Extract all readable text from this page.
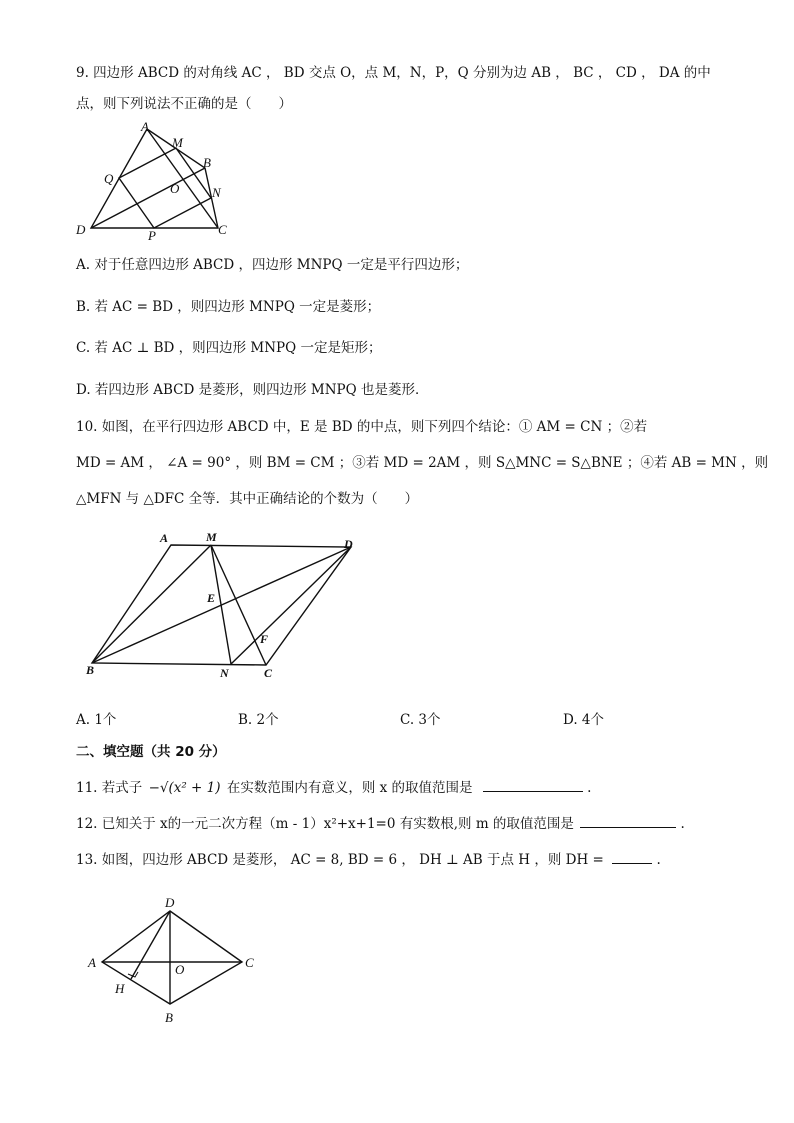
9. 四边形 ABCD 的对角线 AC ， BD 交点 O，点 M，N，P，Q 分别为边 AB ， BC ， CD ， DA 的中
点，则下列说法不正确的是（　　）
A
M
B
Q
O	N
D	P	C
A. 对于任意四边形 ABCD ，四边形 MNPQ 一定是平行四边形；
B. 若 AC = BD ，则四边形 MNPQ 一定是菱形；
C. 若 AC ⊥ BD ，则四边形 MNPQ 一定是矩形；
D. 若四边形 ABCD 是菱形，则四边形 MNPQ 也是菱形．
10. 如图，在平行四边形 ABCD 中，E 是 BD 的中点，则下列四个结论：① AM = CN ；②若
MD = AM ， ∠A = 90° ，则 BM = CM ；③若 MD = 2AM ，则 S△MNC = S△BNE ；④若 AB = MN ，则
△MFN 与 △DFC 全等．其中正确结论的个数为（　　）
A	M	D
E
F
B	N	C
A. 1个	B. 2个	C. 3个	D. 4个
二、填空题（共 20 分）
11. 若式子 −√(x² + 1) 在实数范围内有意义，则 x 的取值范围是	.
12. 已知关于 x的一元二次方程（m - 1）x²+x+1=0 有实数根,则 m 的取值范围是	.
13. 如图，四边形 ABCD 是菱形， AC = 8, BD = 6 ， DH ⊥ AB 于点 H ，则 DH =	.
D
A	O	C
H
B
